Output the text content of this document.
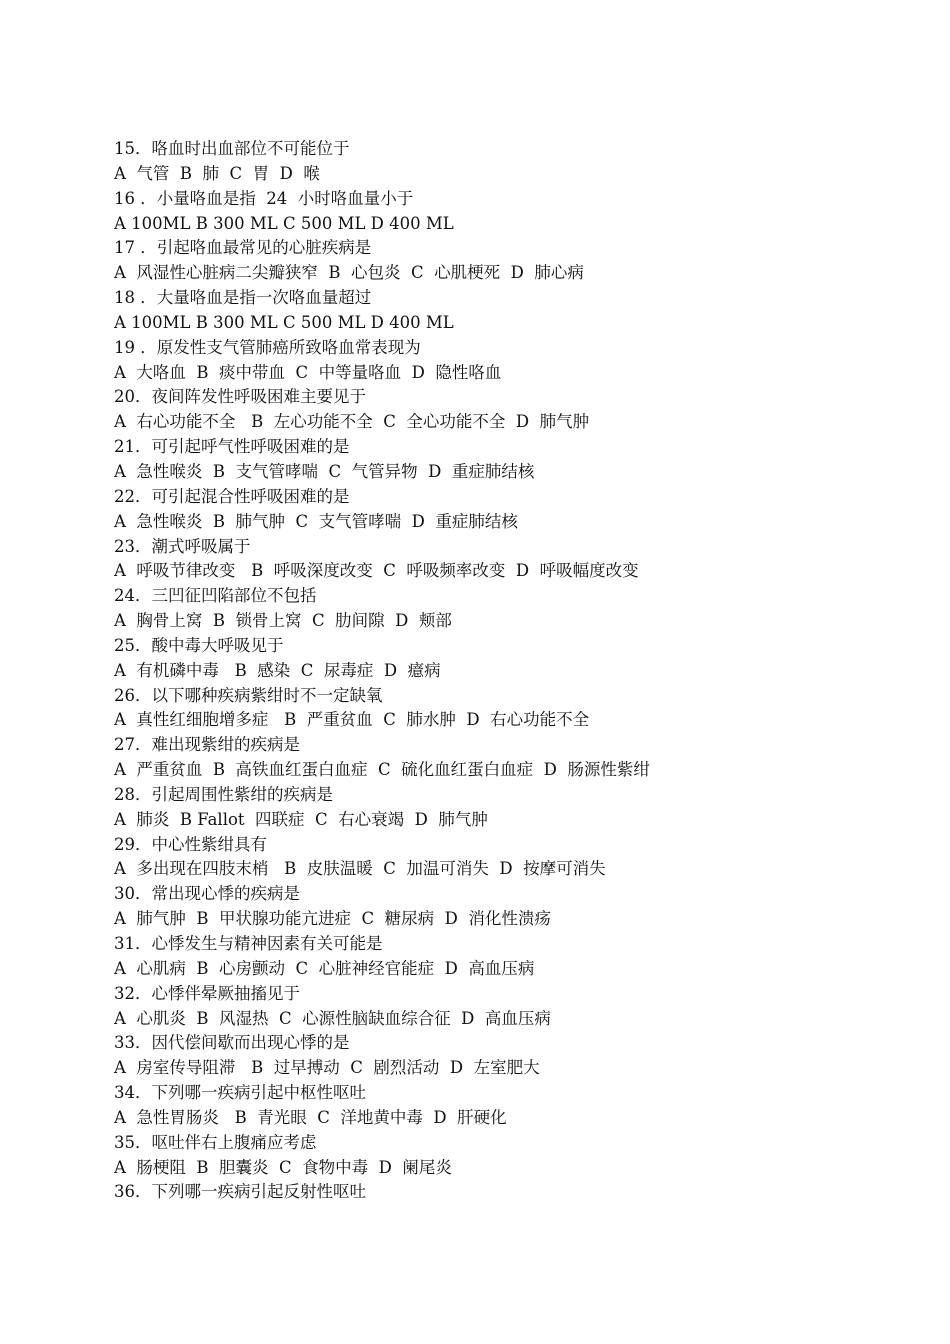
15．咯血时出血部位不可能位于
A  气管  B  肺  C  胃  D  喉
16 ．小量咯血是指  24  小时咯血量小于
A 100ML B 300 ML C 500 ML D 400 ML
17 ．引起咯血最常见的心脏疾病是
A  风湿性心脏病二尖瓣狭窄  B  心包炎  C  心肌梗死  D  肺心病
18 ．大量咯血是指一次咯血量超过
A 100ML B 300 ML C 500 ML D 400 ML
19 ．原发性支气管肺癌所致咯血常表现为
A  大咯血  B  痰中带血  C  中等量咯血  D  隐性咯血
20．夜间阵发性呼吸困难主要见于
A  右心功能不全   B  左心功能不全  C  全心功能不全  D  肺气肿
21．可引起呼气性呼吸困难的是
A  急性喉炎  B  支气管哮喘  C  气管异物  D  重症肺结核
22．可引起混合性呼吸困难的是
A  急性喉炎  B  肺气肿  C  支气管哮喘  D  重症肺结核
23．潮式呼吸属于
A  呼吸节律改变   B  呼吸深度改变  C  呼吸频率改变  D  呼吸幅度改变
24．三凹征凹陷部位不包括
A  胸骨上窝  B  锁骨上窝  C  肋间隙  D  颊部
25．酸中毒大呼吸见于
A  有机磷中毒   B  感染  C  尿毒症  D  癔病
26．以下哪种疾病紫绀时不一定缺氧
A  真性红细胞增多症   B  严重贫血  C  肺水肿  D  右心功能不全
27．难出现紫绀的疾病是
A  严重贫血  B  高铁血红蛋白血症  C  硫化血红蛋白血症  D  肠源性紫绀
28．引起周围性紫绀的疾病是
A  肺炎  B Fallot  四联症  C  右心衰竭  D  肺气肿
29．中心性紫绀具有
A  多出现在四肢末梢   B  皮肤温暖  C  加温可消失  D  按摩可消失
30．常出现心悸的疾病是
A  肺气肿  B  甲状腺功能亢进症  C  糖尿病  D  消化性溃疡
31．心悸发生与精神因素有关可能是
A  心肌病  B  心房颤动  C  心脏神经官能症  D  高血压病
32．心悸伴晕厥抽搐见于
A  心肌炎  B  风湿热  C  心源性脑缺血综合征  D  高血压病
33．因代偿间歇而出现心悸的是
A  房室传导阻滞   B  过早搏动  C  剧烈活动  D  左室肥大
34．下列哪一疾病引起中枢性呕吐
A  急性胃肠炎   B  青光眼  C  洋地黄中毒  D  肝硬化
35．呕吐伴右上腹痛应考虑
A  肠梗阻  B  胆囊炎  C  食物中毒  D  阑尾炎
36．下列哪一疾病引起反射性呕吐
